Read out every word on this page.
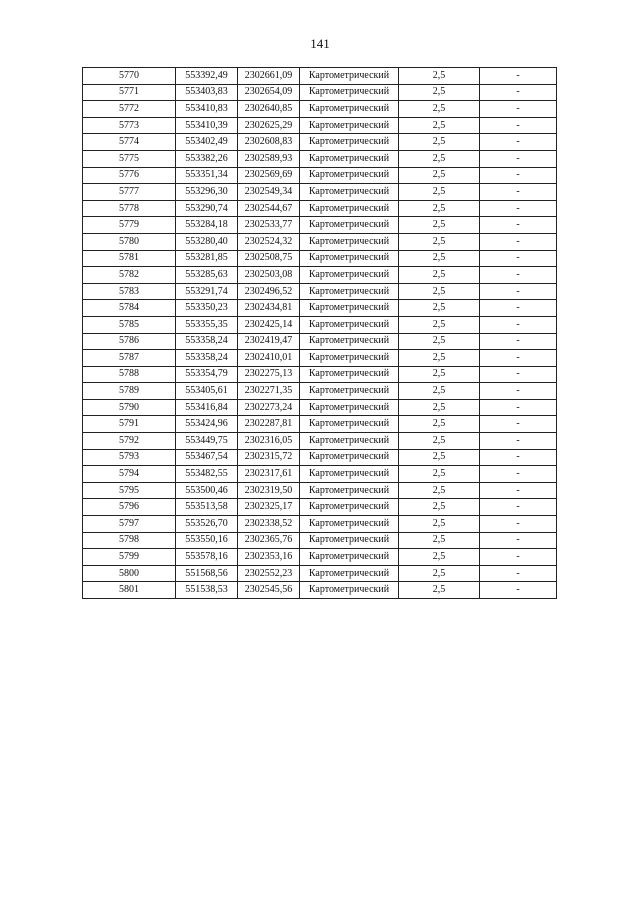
141
5770	553392,49	2302661,09	Картометрический	2,5	-
5771	553403,83	2302654,09	Картометрический	2,5	-
5772	553410,83	2302640,85	Картометрический	2,5	-
5773	553410,39	2302625,29	Картометрический	2,5	-
5774	553402,49	2302608,83	Картометрический	2,5	-
5775	553382,26	2302589,93	Картометрический	2,5	-
5776	553351,34	2302569,69	Картометрический	2,5	-
5777	553296,30	2302549,34	Картометрический	2,5	-
5778	553290,74	2302544,67	Картометрический	2,5	-
5779	553284,18	2302533,77	Картометрический	2,5	-
5780	553280,40	2302524,32	Картометрический	2,5	-
5781	553281,85	2302508,75	Картометрический	2,5	-
5782	553285,63	2302503,08	Картометрический	2,5	-
5783	553291,74	2302496,52	Картометрический	2,5	-
5784	553350,23	2302434,81	Картометрический	2,5	-
5785	553355,35	2302425,14	Картометрический	2,5	-
5786	553358,24	2302419,47	Картометрический	2,5	-
5787	553358,24	2302410,01	Картометрический	2,5	-
5788	553354,79	2302275,13	Картометрический	2,5	-
5789	553405,61	2302271,35	Картометрический	2,5	-
5790	553416,84	2302273,24	Картометрический	2,5	-
5791	553424,96	2302287,81	Картометрический	2,5	-
5792	553449,75	2302316,05	Картометрический	2,5	-
5793	553467,54	2302315,72	Картометрический	2,5	-
5794	553482,55	2302317,61	Картометрический	2,5	-
5795	553500,46	2302319,50	Картометрический	2,5	-
5796	553513,58	2302325,17	Картометрический	2,5	-
5797	553526,70	2302338,52	Картометрический	2,5	-
5798	553550,16	2302365,76	Картометрический	2,5	-
5799	553578,16	2302353,16	Картометрический	2,5	-
5800	551568,56	2302552,23	Картометрический	2,5	-
5801	551538,53	2302545,56	Картометрический	2,5	-
